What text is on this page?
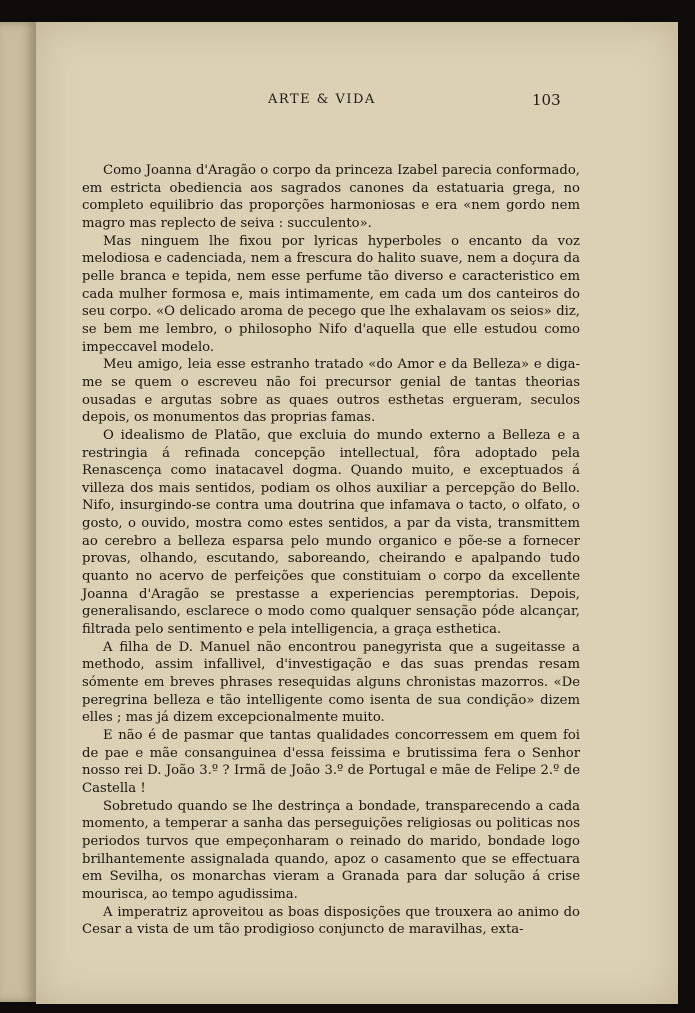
ARTE & VIDA	103

Como Joanna d'Aragão o corpo da princeza Izabel parecia conformado, em estricta obediencia aos sagrados canones da estatuaria grega, no completo equilibrio das proporções harmoniosas e era «nem gordo nem magro mas replecto de seiva : succulento».

Mas ninguem lhe fixou por lyricas hyperboles o encanto da voz melodiosa e cadenciada, nem a frescura do halito suave, nem a doçura da pelle branca e tepida, nem esse perfume tão diverso e caracteristico em cada mulher formosa e, mais intimamente, em cada um dos canteiros do seu corpo. «O delicado aroma de pecego que lhe exhalavam os seios» diz, se bem me lembro, o philosopho Nifo d'aquella que elle estudou como impeccavel modelo.

Meu amigo, leia esse estranho tratado «do Amor e da Belleza» e diga-me se quem o escreveu não foi precursor genial de tantas theorias ousadas e argutas sobre as quaes outros esthetas ergueram, seculos depois, os monumentos das proprias famas.

O idealismo de Platão, que excluia do mundo externo a Belleza e a restringia á refinada concepção intellectual, fôra adoptado pela Renascença como inatacavel dogma. Quando muito, e exceptuados á villeza dos mais sentidos, podiam os olhos auxiliar a percepção do Bello. Nifo, insurgindo-se contra uma doutrina que infamava o tacto, o olfato, o gosto, o ouvido, mostra como estes sentidos, a par da vista, transmittem ao cerebro a belleza esparsa pelo mundo organico e põe-se a fornecer provas, olhando, escutando, saboreando, cheirando e apalpando tudo quanto no acervo de perfeições que constituiam o corpo da excellente Joanna d'Aragão se prestasse a experiencias peremptorias. Depois, generalisando, esclarece o modo como qualquer sensação póde alcançar, filtrada pelo sentimento e pela intelligencia, a graça esthetica.

A filha de D. Manuel não encontrou panegyrista que a sugeitasse a methodo, assim infallivel, d'investigação e das suas prendas resam sómente em breves phrases resequidas alguns chronistas mazorros. «De peregrina belleza e tão intelligente como isenta de sua condição» dizem elles ; mas já dizem excepcionalmente muito.

E não é de pasmar que tantas qualidades concorressem em quem foi de pae e mãe consanguinea d'essa feissima e brutissima fera o Senhor nosso rei D. João 3.º ? Irmã de João 3.º de Portugal e mãe de Felipe 2.º de Castella !

Sobretudo quando se lhe destrinça a bondade, transparecendo a cada momento, a temperar a sanha das perseguições religiosas ou politicas nos periodos turvos que empeçonharam o reinado do marido, bondade logo brilhantemente assignalada quando, apoz o casamento que se effectuara em Sevilha, os monarchas vieram a Granada para dar solução á crise mourisca, ao tempo agudissima.

A imperatriz aproveitou as boas disposições que trouxera ao animo do Cesar a vista de um tão prodigioso conjuncto de maravilhas, exta-
